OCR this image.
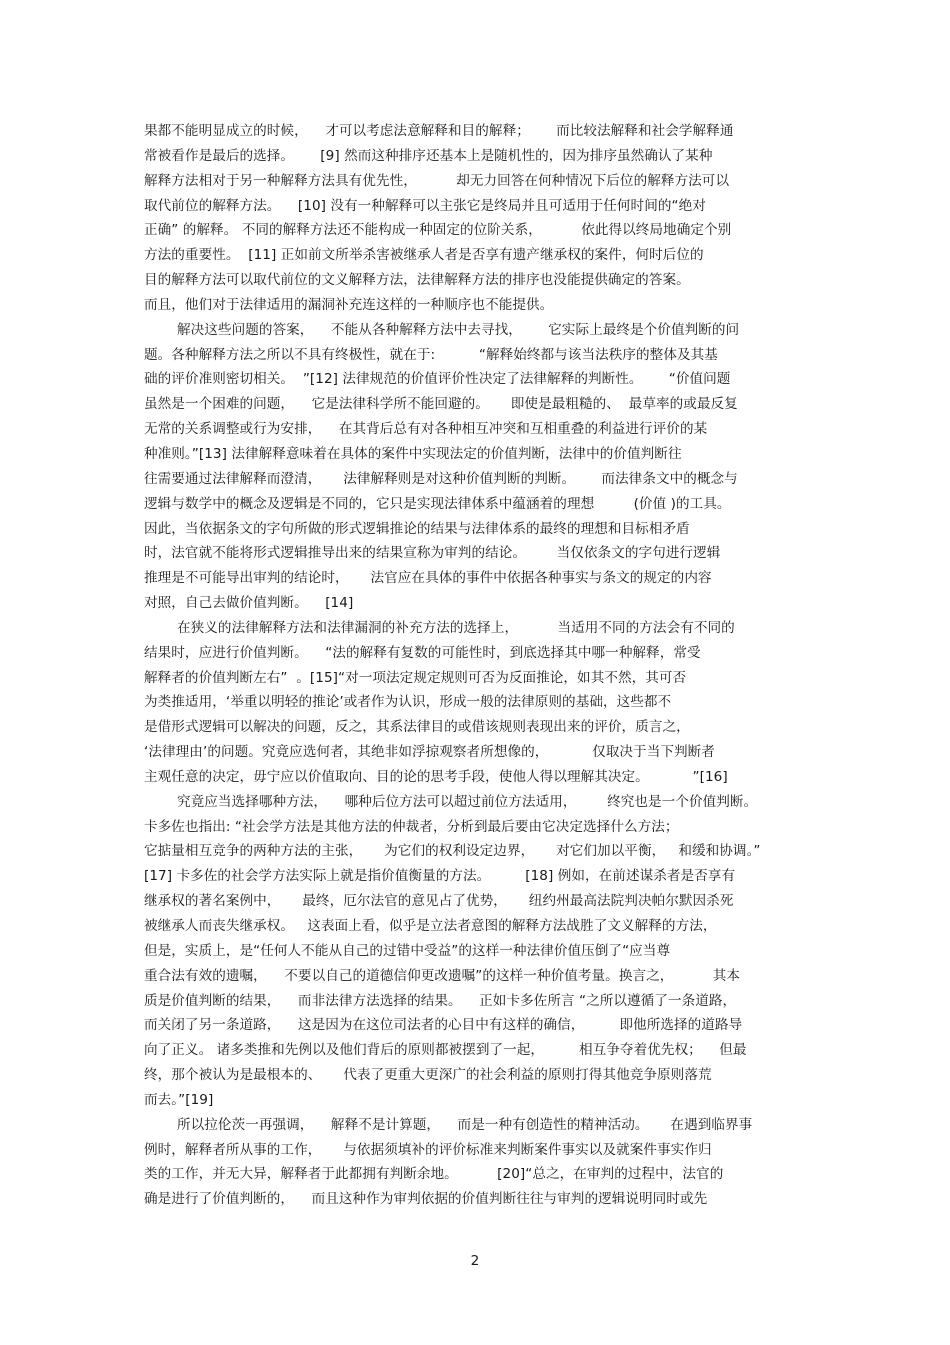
果都不能明显成立的时候，    才可以考虑法意解释和目的解释；      而比较法解释和社会学解释通
常被看作是最后的选择。      [9] 然而这种排序还基本上是随机性的，因为排序虽然确认了某种
解释方法相对于另一种解释方法具有优先性，         却无力回答在何种情况下后位的解释方法可以
取代前位的解释方法。    [10] 没有一种解释可以主张它是终局并且可适用于任何时间的“绝对
正确” 的解释。 不同的解释方法还不能构成一种固定的位阶关系，         依此得以终局地确定个别
方法的重要性。  [11] 正如前文所举杀害被继承人者是否享有遗产继承权的案件，何时后位的
目的解释方法可以取代前位的文义解释方法，法律解释方法的排序也没能提供确定的答案。
而且，他们对于法律适用的漏洞补充连这样的一种顺序也不能提供。
解决这些问题的答案，    不能从各种解释方法中去寻找，      它实际上最终是个价值判断的问
题。各种解释方法之所以不具有终极性，就在于:          “解释始终都与该当法秩序的整体及其基
础的评价准则密切相关。  ”[12] 法律规范的价值评价性决定了法律解释的判断性。      “价值问题
虽然是一个困难的问题，    它是法律科学所不能回避的。     即使是最粗糙的、  最草率的或最反复
无常的关系调整或行为安排，    在其背后总有对各种相互冲突和互相重叠的利益进行评价的某
种准则。”[13] 法律解释意味着在具体的案件中实现法定的价值判断，法律中的价值判断往
往需要通过法律解释而澄清，     法律解释则是对这种价值判断的判断。      而法律条文中的概念与
逻辑与数学中的概念及逻辑是不同的，它只是实现法律体系中蕴涵着的理想         (价值 )的工具。
因此，当依据条文的字句所做的形式逻辑推论的结果与法律体系的最终的理想和目标相矛盾
时，法官就不能将形式逻辑推导出来的结果宣称为审判的结论。       当仅依条文的字句进行逻辑
推理是不可能导出审判的结论时，     法官应在具体的事件中依据各种事实与条文的规定的内容
对照，自己去做价值判断。    [14]
在狭义的法律解释方法和法律漏洞的补充方法的选择上，         当适用不同的方法会有不同的
结果时，应进行价值判断。    “法的解释有复数的可能性时，到底选择其中哪一种解释，常受
解释者的价值判断左右”  。[15]“对一项法定规定规则可否为反面推论，如其不然，其可否
为类推适用，‘举重以明轻的推论’或者作为认识，形成一般的法律原则的基础，这些都不
是借形式逻辑可以解决的问题，反之，其系法律目的或借该规则表现出来的评价，质言之，
‘法律理由’的问题。究竟应选何者，其绝非如浮掠观察者所想像的，          仅取决于当下判断者
主观任意的决定，毋宁应以价值取向、目的论的思考手段，使他人得以理解其决定。          ”[16]
究竟应当选择哪种方法，    哪种后位方法可以超过前位方法适用，       终究也是一个价值判断。
卡多佐也指出: “社会学方法是其他方法的仲裁者，分析到最后要由它决定选择什么方法；
它掂量相互竞争的两种方法的主张，     为它们的权利设定边界，     对它们加以平衡，   和缓和协调。”
[17] 卡多佐的社会学方法实际上就是指价值衡量的方法。        [18] 例如，在前述谋杀者是否享有
继承权的著名案例中，     最终，厄尔法官的意见占了优势，     纽约州最高法院判决帕尔默因杀死
被继承人而丧失继承权。   这表面上看，似乎是立法者意图的解释方法战胜了文义解释的方法，
但是，实质上，是“任何人不能从自己的过错中受益”的这样一种法律价值压倒了“应当尊
重合法有效的遗嘱，    不要以自己的道德信仰更改遗嘱”的这样一种价值考量。换言之，         其本
质是价值判断的结果，    而非法律方法选择的结果。    正如卡多佐所言 “之所以遵循了一条道路，
而关闭了另一条道路，    这是因为在这位司法者的心目中有这样的确信，        即他所选择的道路导
向了正义。 诸多类推和先例以及他们背后的原则都被摆到了一起，        相互争夺着优先权；    但最
终，那个被认为是最根本的、     代表了更重大更深广的社会利益的原则打得其他竞争原则落荒
而去。”[19]
所以拉伦茨一再强调，    解释不是计算题，    而是一种有创造性的精神活动。     在遇到临界事
例时，解释者所从事的工作，     与依据须填补的评价标准来判断案件事实以及就案件事实作归
类的工作，并无大异，解释者于此都拥有判断余地。         [20]“总之，在审判的过程中，法官的
确是进行了价值判断的，    而且这种作为审判依据的价值判断往往与审判的逻辑说明同时或先
2
